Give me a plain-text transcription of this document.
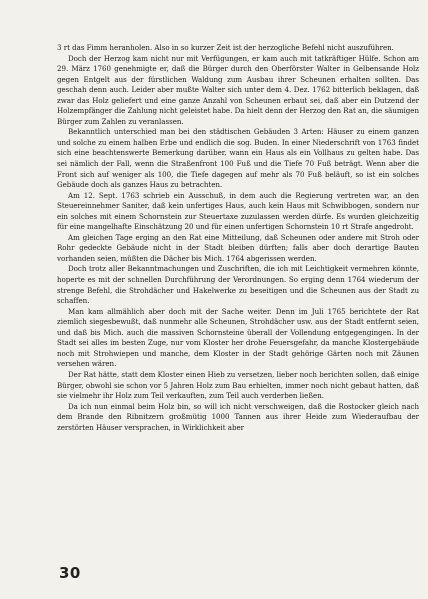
3 rt das Fimm heranholen. Also in so kurzer Zeit ist der herzogliche Befehl nicht auszuführen.

Doch der Herzog kam nicht nur mit Verfügungen, er kam auch mit tatkräftiger Hülfe. Schon am 29. März 1760 genehmigte er, daß die Bürger durch den Oberförster Walter in Gelbensande Holz gegen Entgelt aus der fürstlichen Waldung zum Ausbau ihrer Scheunen erhalten sollten. Das geschah denn auch. Leider aber mußte Walter sich unter dem 4. Dez. 1762 bitterlich beklagen, daß zwar das Holz geliefert und eine ganze Anzahl von Scheunen erbaut sei, daß aber ein Dutzend der Holzempfänger die Zahlung nicht geleistet habe. Da hielt denn der Herzog den Rat an, die säumigen Bürger zum Zahlen zu veranlassen.

Bekanntlich unterschied man bei den städtischen Gebäuden 3 Arten: Häuser zu einem ganzen und solche zu einem halben Erbe und endlich die sog. Buden. In einer Niederschrift von 1763 findet sich eine beachtenswerte Bemerkung darüber, wann ein Haus als ein Vollhaus zu gelten habe. Das sei nämlich der Fall, wenn die Straßenfront 100 Fuß und die Tiefe 70 Fuß beträgt. Wenn aber die Front sich auf weniger als 100, die Tiefe dagegen auf mehr als 70 Fuß beläuft, so ist ein solches Gebäude doch als ganzes Haus zu betrachten.

Am 12. Sept. 1763 schrieb ein Ausschuß, in dem auch die Regierung vertreten war, an den Steuereinnehmer Saniter, daß kein unfertiges Haus, auch kein Haus mit Schwibbogen, sondern nur ein solches mit einem Schornstein zur Steuertaxe zuzulassen werden dürfe. Es wurden gleichzeitig für eine mangelhafte Einschätzung 20 und für einen unfertigen Schornstein 10 rt Strafe angedroht.

Am gleichen Tage erging an den Rat eine Mitteilung, daß Scheunen oder andere mit Stroh oder Rohr gedeckte Gebäude nicht in der Stadt bleiben dürften; falls aber doch derartige Bauten vorhanden seien, müßten die Dächer bis Mich. 1764 abgerissen werden.

Doch trotz aller Bekanntmachungen und Zuschriften, die ich mit Leichtigkeit vermehren könnte, hoperte es mit der schnellen Durchführung der Verordnungen. So erging denn 1764 wiederum der strenge Befehl, die Strohdächer und Hakelwerke zu beseitigen und die Scheunen aus der Stadt zu schaffen.

Man kam allmählich aber doch mit der Sache weiter. Denn im Juli 1765 berichtete der Rat ziemlich siegesbewußt, daß nunmehr alle Scheunen, Strohdächer usw. aus der Stadt entfernt seien, und daß bis Mich. auch die massiven Schornsteine überall der Vollendung entgegengingen. In der Stadt sei alles im besten Zuge, nur vom Kloster her drohe Feuersgefahr, da manche Klostergebäude noch mit Strohwiepen und manche, dem Kloster in der Stadt gehörige Gärten noch mit Zäunen versehen wären.

Der Rat hätte, statt dem Kloster einen Hieb zu versetzen, lieber noch berichten sollen, daß einige Bürger, obwohl sie schon vor 5 Jahren Holz zum Bau erhielten, immer noch nicht gebaut hatten, daß sie vielmehr ihr Holz zum Teil verkauften, zum Teil auch verderben ließen.

Da ich nun einmal beim Holz bin, so will ich nicht verschweigen, daß die Rostocker gleich nach dem Brande den Ribnitzern großmütig 1000 Tannen aus ihrer Heide zum Wiederaufbau der zerstörten Häuser versprachen, in Wirklichkeit aber

30
